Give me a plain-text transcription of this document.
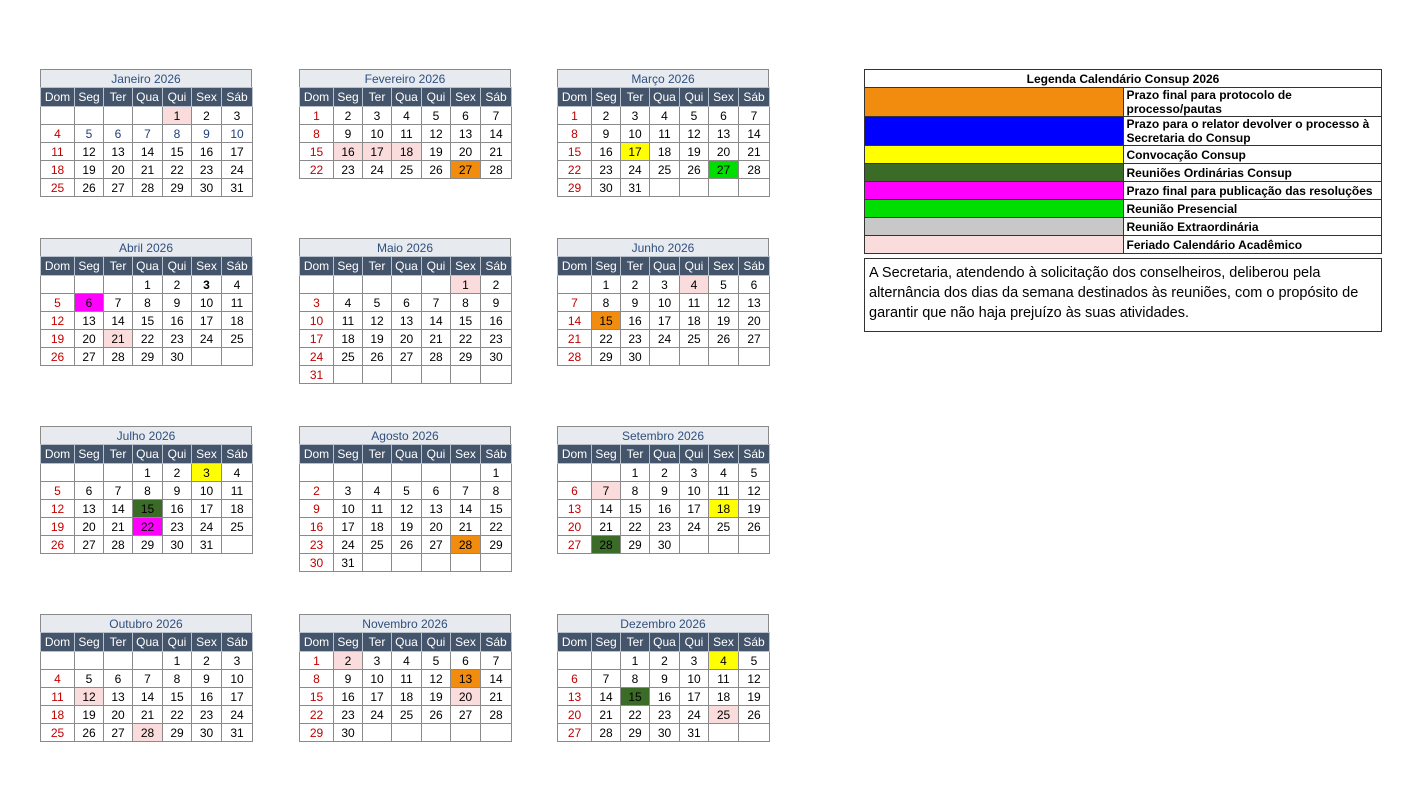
Janeiro 2026
Dom	Seg	Ter	Qua	Qui	Sex	Sáb
				1	2	3
4	5	6	7	8	9	10
11	12	13	14	15	16	17
18	19	20	21	22	23	24
25	26	27	28	29	30	31
Fevereiro 2026
Dom	Seg	Ter	Qua	Qui	Sex	Sáb
1	2	3	4	5	6	7
8	9	10	11	12	13	14
15	16	17	18	19	20	21
22	23	24	25	26	27	28
Março 2026
Dom	Seg	Ter	Qua	Qui	Sex	Sáb
1	2	3	4	5	6	7
8	9	10	11	12	13	14
15	16	17	18	19	20	21
22	23	24	25	26	27	28
29	30	31				
Abril 2026
Dom	Seg	Ter	Qua	Qui	Sex	Sáb
			1	2	3	4
5	6	7	8	9	10	11
12	13	14	15	16	17	18
19	20	21	22	23	24	25
26	27	28	29	30		
Maio 2026
Dom	Seg	Ter	Qua	Qui	Sex	Sáb
					1	2
3	4	5	6	7	8	9
10	11	12	13	14	15	16
17	18	19	20	21	22	23
24	25	26	27	28	29	30
31						
Junho 2026
Dom	Seg	Ter	Qua	Qui	Sex	Sáb
	1	2	3	4	5	6
7	8	9	10	11	12	13
14	15	16	17	18	19	20
21	22	23	24	25	26	27
28	29	30				
Julho 2026
Dom	Seg	Ter	Qua	Qui	Sex	Sáb
			1	2	3	4
5	6	7	8	9	10	11
12	13	14	15	16	17	18
19	20	21	22	23	24	25
26	27	28	29	30	31	
Agosto 2026
Dom	Seg	Ter	Qua	Qui	Sex	Sáb
						1
2	3	4	5	6	7	8
9	10	11	12	13	14	15
16	17	18	19	20	21	22
23	24	25	26	27	28	29
30	31					
Setembro 2026
Dom	Seg	Ter	Qua	Qui	Sex	Sáb
		1	2	3	4	5
6	7	8	9	10	11	12
13	14	15	16	17	18	19
20	21	22	23	24	25	26
27	28	29	30			
Outubro 2026
Dom	Seg	Ter	Qua	Qui	Sex	Sáb
				1	2	3
4	5	6	7	8	9	10
11	12	13	14	15	16	17
18	19	20	21	22	23	24
25	26	27	28	29	30	31
Novembro 2026
Dom	Seg	Ter	Qua	Qui	Sex	Sáb
1	2	3	4	5	6	7
8	9	10	11	12	13	14
15	16	17	18	19	20	21
22	23	24	25	26	27	28
29	30					
Dezembro 2026
Dom	Seg	Ter	Qua	Qui	Sex	Sáb
		1	2	3	4	5
6	7	8	9	10	11	12
13	14	15	16	17	18	19
20	21	22	23	24	25	26
27	28	29	30	31		
Legenda Calendário Consup 2026	
	Prazo final para protocolo de processo/pautas
	Prazo para o relator devolver o processo à Secretaria do Consup
	Convocação Consup
	Reuniões Ordinárias Consup
	Prazo final para publicação das resoluções
	Reunião Presencial
	Reunião Extraordinária
	Feriado Calendário Acadêmico
A Secretaria, atendendo à solicitação dos conselheiros, deliberou pela alternância dos dias da semana destinados às reuniões, com o propósito de garantir que não haja prejuízo às suas atividades.
